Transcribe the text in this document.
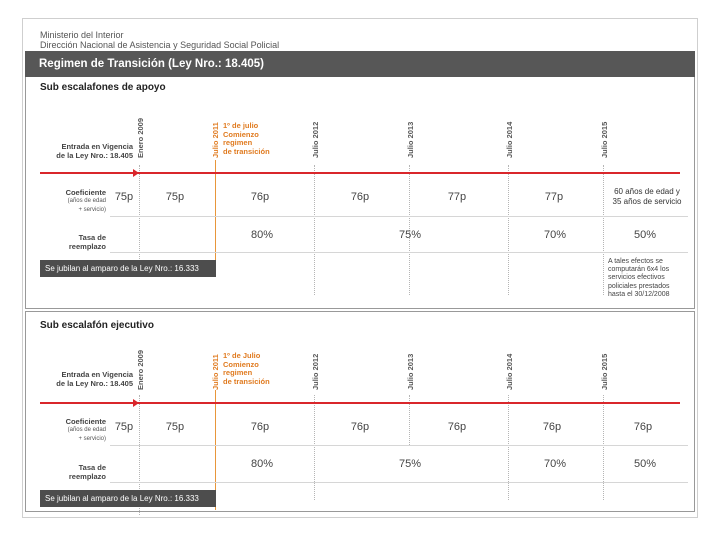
Ministerio del Interior
Dirección Nacional de Asistencia y Seguridad Social Policial
Regimen de Transición (Ley Nro.: 18.405)
Sub escalafones de apoyo
Enero 2009	Julio 2011	Julio 2012	Julio 2013	Julio 2014	Julio 2015
1º de julio
Comienzo
regimen
de transición
Entrada en Vigencia
de la Ley Nro.: 18.405
Coeficiente
(años de edad
+ servicio)
75p	75p	76p	76p	77p	77p	60 años de edad y
35 años de servicio
Tasa de
reemplazo
80%	75%	70%	50%
Se jubilan al amparo de la Ley Nro.: 16.333
A tales efectos se
computarán 6x4 los
servicios efectivos
policiales prestados
hasta el 30/12/2008
Sub escalafón ejecutivo
Enero 2009	Julio 2011	Julio 2012	Julio 2013	Julio 2014	Julio 2015
1º de Julio
Comienzo
regimen
de transición
Entrada en Vigencia
de la Ley Nro.: 18.405
Coeficiente
(años de edad
+ servicio)
75p	75p	76p	76p	76p	76p	76p
Tasa de
reemplazo
80%	75%	70%	50%
Se jubilan al amparo de la Ley Nro.: 16.333
